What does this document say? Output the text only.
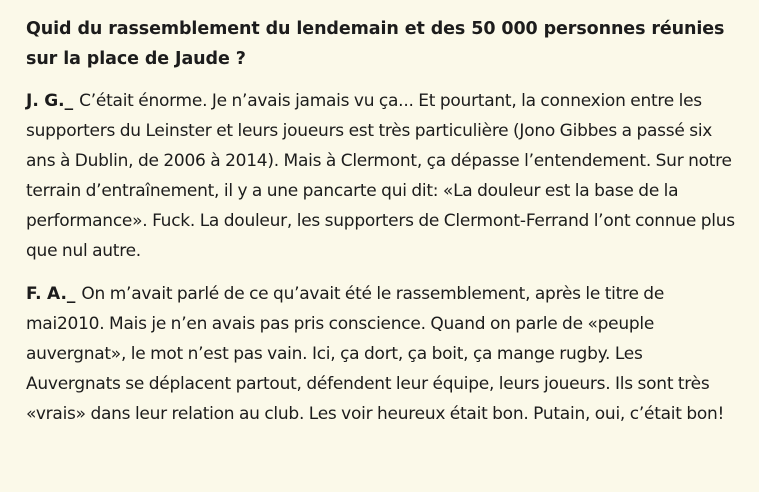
Quid du rassemblement du lendemain et des 50 000 personnes réunies sur la place de Jaude ?

J. G._ C’était énorme. Je n’avais jamais vu ça... Et pourtant, la connexion entre les supporters du Leinster et leurs joueurs est très particulière (Jono Gibbes a passé six ans à Dublin, de 2006 à 2014). Mais à Clermont, ça dépasse l’entendement. Sur notre terrain d’entraînement, il y a une pancarte qui dit: «La douleur est la base de la performance». Fuck. La douleur, les supporters de Clermont-Ferrand l’ont connue plus que nul autre.

F. A._ On m’avait parlé de ce qu’avait été le rassemblement, après le titre de mai2010. Mais je n’en avais pas pris conscience. Quand on parle de «peuple auvergnat», le mot n’est pas vain. Ici, ça dort, ça boit, ça mange rugby. Les Auvergnats se déplacent partout, défendent leur équipe, leurs joueurs. Ils sont très «vrais» dans leur relation au club. Les voir heureux était bon. Putain, oui, c’était bon!
